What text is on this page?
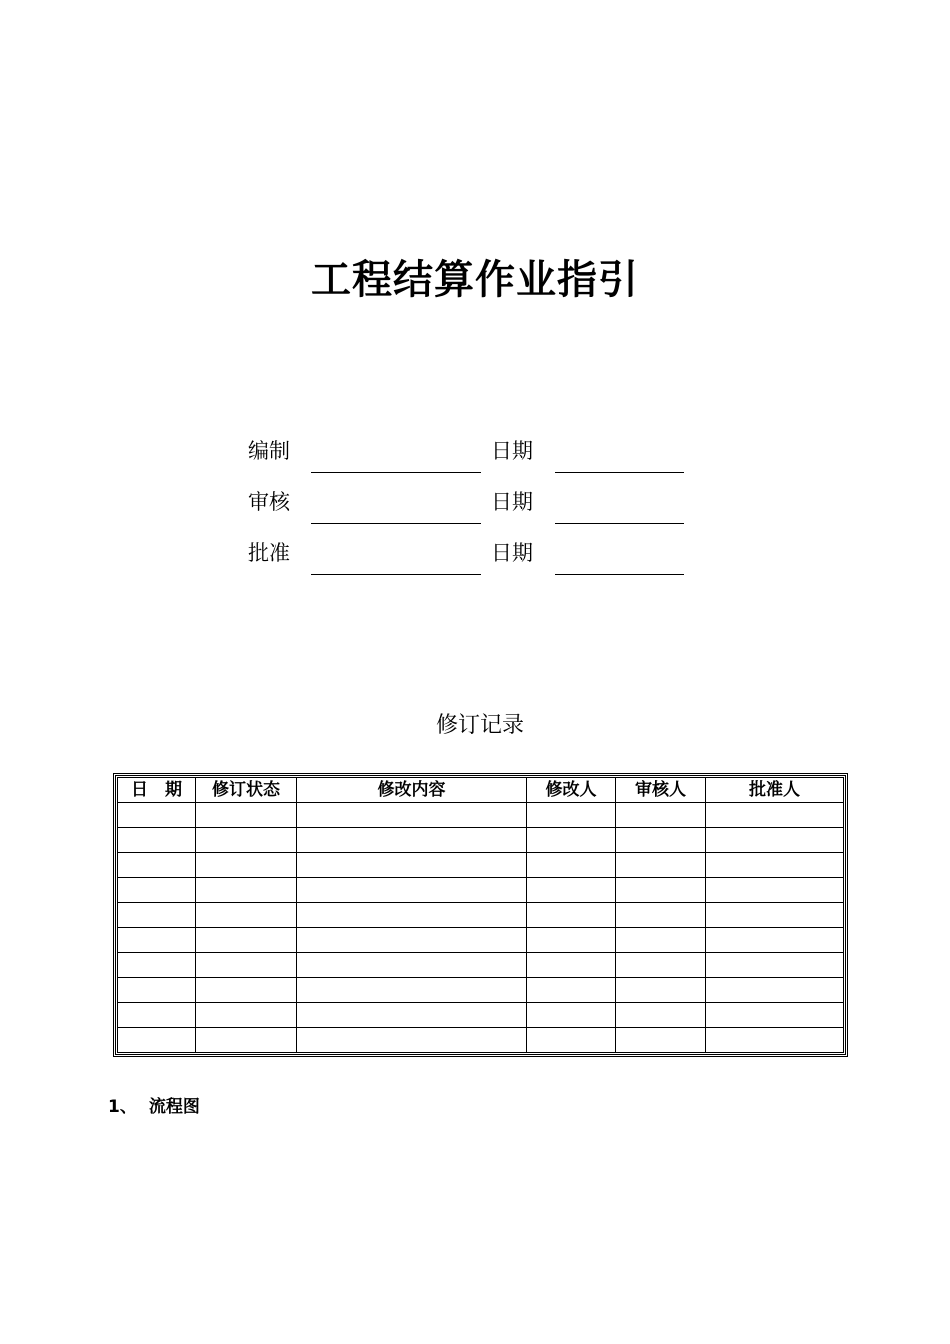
工程结算作业指引
编制	日期
审核	日期
批准	日期
修订记录
日　期	修订状态	修改内容	修改人	审核人	批准人

1、 流程图
